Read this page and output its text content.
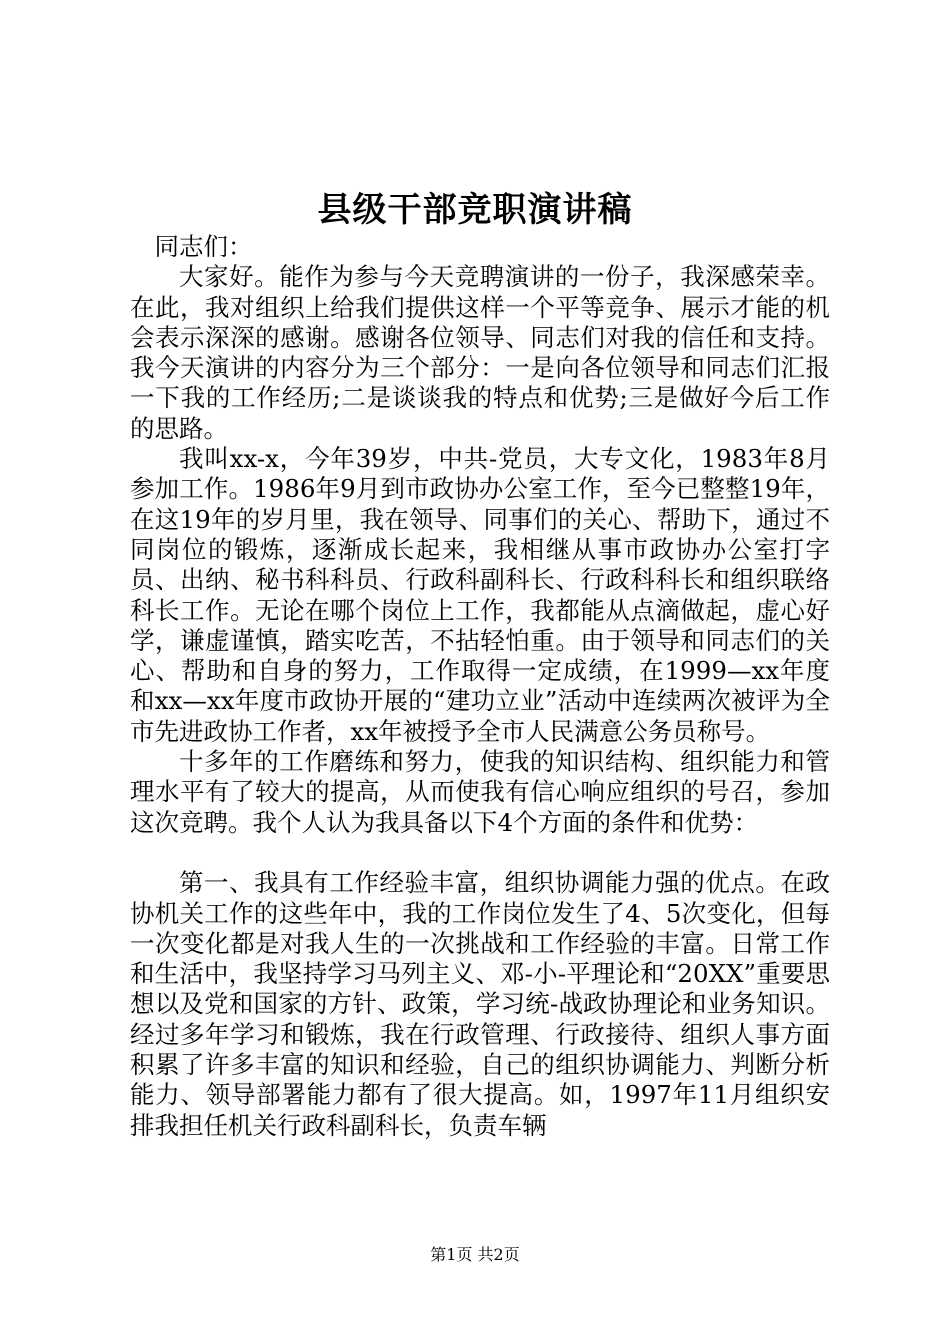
县级干部竞职演讲稿

同志们：

大家好。能作为参与今天竞聘演讲的一份子，我深感荣幸。在此，我对组织上给我们提供这样一个平等竞争、展示才能的机会表示深深的感谢。感谢各位领导、同志们对我的信任和支持。我今天演讲的内容分为三个部分：一是向各位领导和同志们汇报一下我的工作经历;二是谈谈我的特点和优势;三是做好今后工作的思路。

我叫xx-x，今年39岁，中共-党员，大专文化，1983年8月参加工作。1986年9月到市政协办公室工作，至今已整整19年，在这19年的岁月里，我在领导、同事们的关心、帮助下，通过不同岗位的锻炼，逐渐成长起来，我相继从事市政协办公室打字员、出纳、秘书科科员、行政科副科长、行政科科长和组织联络科长工作。无论在哪个岗位上工作，我都能从点滴做起，虚心好学，谦虚谨慎，踏实吃苦，不拈轻怕重。由于领导和同志们的关心、帮助和自身的努力，工作取得一定成绩，在1999—xx年度和xx—xx年度市政协开展的“建功立业”活动中连续两次被评为全市先进政协工作者，xx年被授予全市人民满意公务员称号。

十多年的工作磨练和努力，使我的知识结构、组织能力和管理水平有了较大的提高，从而使我有信心响应组织的号召，参加这次竞聘。我个人认为我具备以下4个方面的条件和优势：

第一、我具有工作经验丰富，组织协调能力强的优点。在政协机关工作的这些年中，我的工作岗位发生了4、5次变化，但每一次变化都是对我人生的一次挑战和工作经验的丰富。日常工作和生活中，我坚持学习马列主义、邓-小-平理论和“20XX”重要思想以及党和国家的方针、政策，学习统-战政协理论和业务知识。经过多年学习和锻炼，我在行政管理、行政接待、组织人事方面积累了许多丰富的知识和经验，自己的组织协调能力、判断分析能力、领导部署能力都有了很大提高。如，1997年11月组织安排我担任机关行政科副科长，负责车辆

第1页 共2页
